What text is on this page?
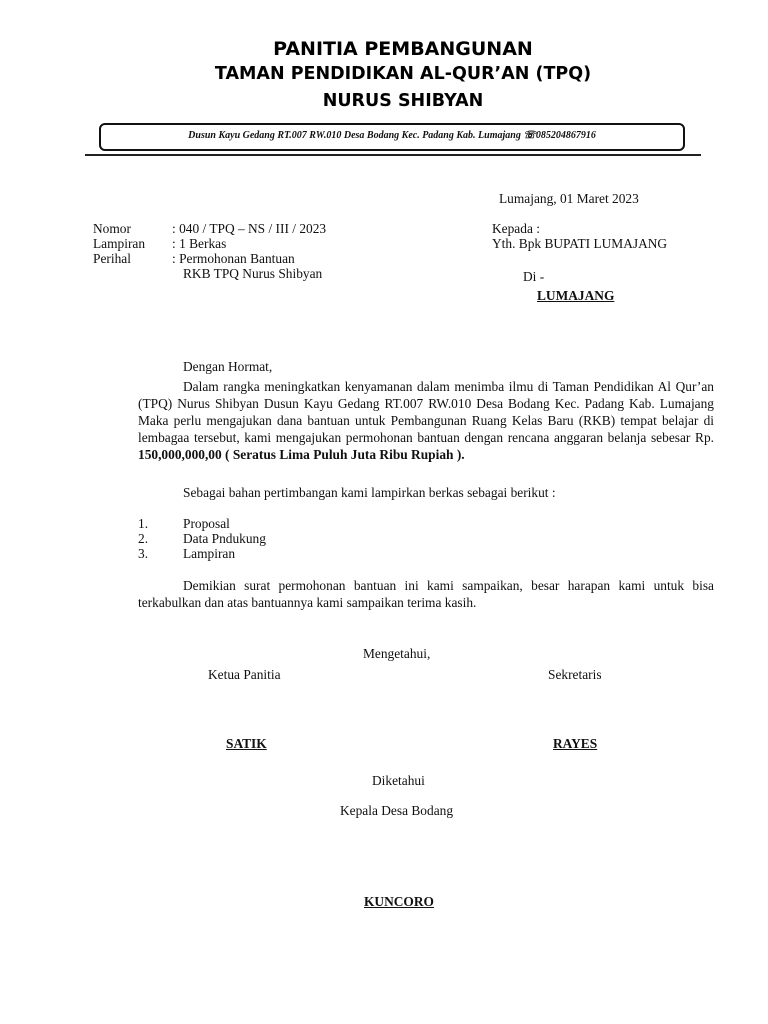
PANITIA PEMBANGUNAN
TAMAN PENDIDIKAN AL-QUR’AN (TPQ)
NURUS SHIBYAN
Dusun Kayu Gedang RT.007 RW.010 Desa Bodang Kec. Padang Kab. Lumajang ☏085204867916
Lumajang, 01 Maret 2023
Nomor	: 040 / TPQ – NS / III / 2023
Lampiran : 1 Berkas
Perihal	: Permohonan Bantuan
RKB TPQ Nurus Shibyan
Kepada :
Yth. Bpk BUPATI LUMAJANG
Di -
LUMAJANG
Dengan Hormat,
Dalam rangka meningkatkan kenyamanan dalam menimba ilmu di Taman Pendidikan Al Qur’an (TPQ) Nurus Shibyan Dusun Kayu Gedang RT.007 RW.010 Desa Bodang Kec. Padang Kab. Lumajang Maka perlu mengajukan dana bantuan untuk Pembangunan Ruang Kelas Baru (RKB) tempat belajar di lembagaa tersebut, kami mengajukan permohonan bantuan dengan rencana anggaran belanja sebesar Rp. 150,000,000,00 ( Seratus Lima Puluh Juta Ribu Rupiah ).
Sebagai bahan pertimbangan kami lampirkan berkas sebagai berikut :
1.	Proposal
2.	Data Pndukung
3.	Lampiran
Demikian surat permohonan bantuan ini kami sampaikan, besar harapan kami untuk bisa terkabulkan dan atas bantuannya kami sampaikan terima kasih.
Mengetahui,
Ketua Panitia	Sekretaris
SATIK	RAYES
Diketahui
Kepala Desa Bodang
KUNCORO
